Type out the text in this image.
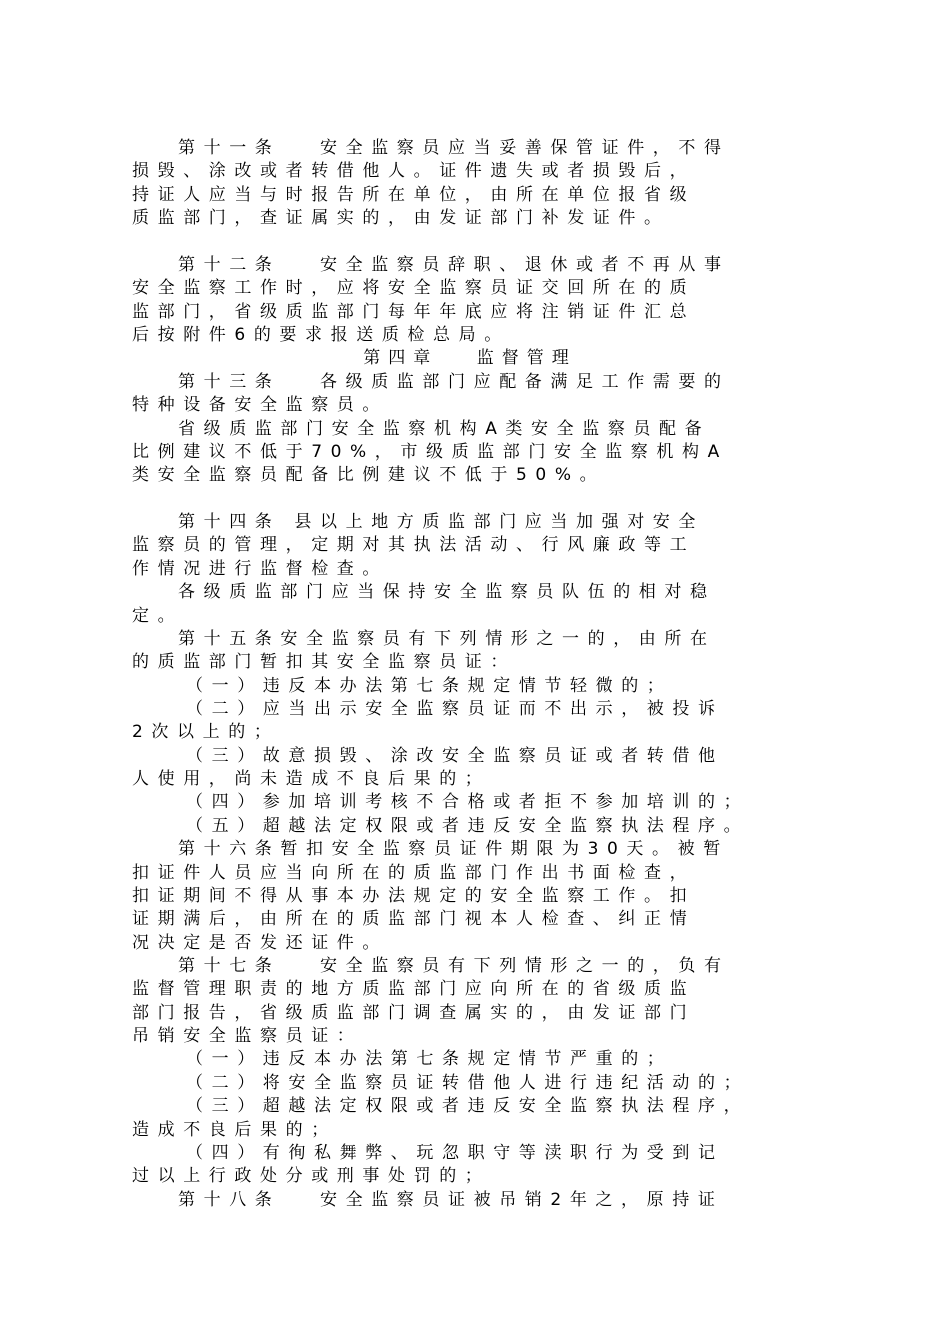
第十一条　 安全监察员应当妥善保管证件，不得
损毁、涂改或者转借他人。证件遗失或者损毁后，
持证人应当与时报告所在单位，由所在单位报省级
质监部门，查证属实的，由发证部门补发证件。
第十二条　 安全监察员辞职、退休或者不再从事
安全监察工作时，应将安全监察员证交回所在的质
监部门，省级质监部门每年年底应将注销证件汇总
后按附件6的要求报送质检总局。
第四章　 监督管理
第十三条　 各级质监部门应配备满足工作需要的
特种设备安全监察员。
省级质监部门安全监察机构A类安全监察员配备
比例建议不低于70%，市级质监部门安全监察机构A
类安全监察员配备比例建议不低于50%。
第十四条 县以上地方质监部门应当加强对安全
监察员的管理，定期对其执法活动、行风廉政等工
作情况进行监督检查。
各级质监部门应当保持安全监察员队伍的相对稳
定。
第十五条安全监察员有下列情形之一的，由所在
的质监部门暂扣其安全监察员证：
（一）违反本办法第七条规定情节轻微的；
（二）应当出示安全监察员证而不出示，被投诉
2次以上的；
（三）故意损毁、涂改安全监察员证或者转借他
人使用，尚未造成不良后果的；
（四）参加培训考核不合格或者拒不参加培训的；
（五）超越法定权限或者违反安全监察执法程序。
第十六条暂扣安全监察员证件期限为30天。被暂
扣证件人员应当向所在的质监部门作出书面检查，
扣证期间不得从事本办法规定的安全监察工作。扣
证期满后，由所在的质监部门视本人检查、纠正情
况决定是否发还证件。
第十七条　 安全监察员有下列情形之一的，负有
监督管理职责的地方质监部门应向所在的省级质监
部门报告，省级质监部门调查属实的，由发证部门
吊销安全监察员证：
（一）违反本办法第七条规定情节严重的；
（二）将安全监察员证转借他人进行违纪活动的；
（三）超越法定权限或者违反安全监察执法程序，
造成不良后果的；
（四）有徇私舞弊、玩忽职守等渎职行为受到记
过以上行政处分或刑事处罚的；
第十八条　 安全监察员证被吊销2年之，原持证
